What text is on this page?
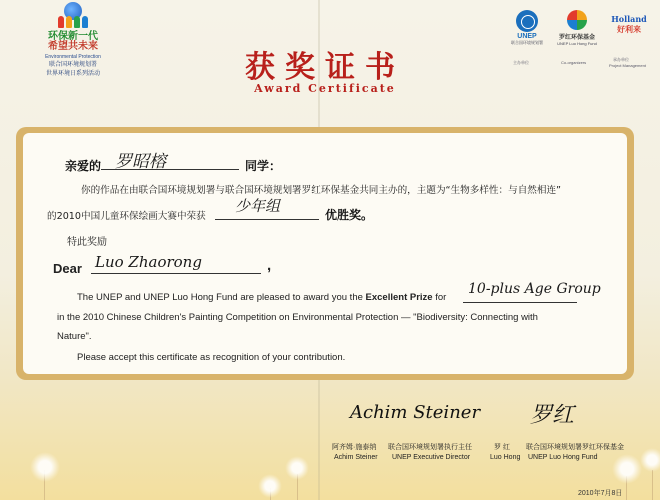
环保新一代
希望共未来
Environmental Protection
联合国环境规划署
世界环境日系列活动
UNEP
联合国环境规划署
罗红环保基金
UNEP Luo Hong Fund
Holland
好利来
主办单位	Co-organizers
承办单位
Project Management
获奖证书
Award Certificate
亲爱的 罗昭榕	同学：
你的作品在由联合国环境规划署与联合国环境规划署罗红环保基金共同主办的，主题为“生物多样性：与自然相连”
的2010中国儿童环保绘画大赛中荣获
少年组	优胜奖。
特此奖励
Dear Luo Zhaorong	,
The UNEP and UNEP Luo Hong Fund are pleased to award you the Excellent Prize for
10-plus Age Group
in the 2010 Chinese Children's Painting Competition on Environmental Protection — "Biodiversity: Connecting with
Nature".
Please accept this certificate as recognition of your contribution.
Achim Steiner
阿齐姆·施泰纳 联合国环境规划署执行主任
Achim Steiner UNEP Executive Director
罗红
罗 红 联合国环境规划署罗红环保基金
Luo Hong UNEP Luo Hong Fund
2010年7月8日
